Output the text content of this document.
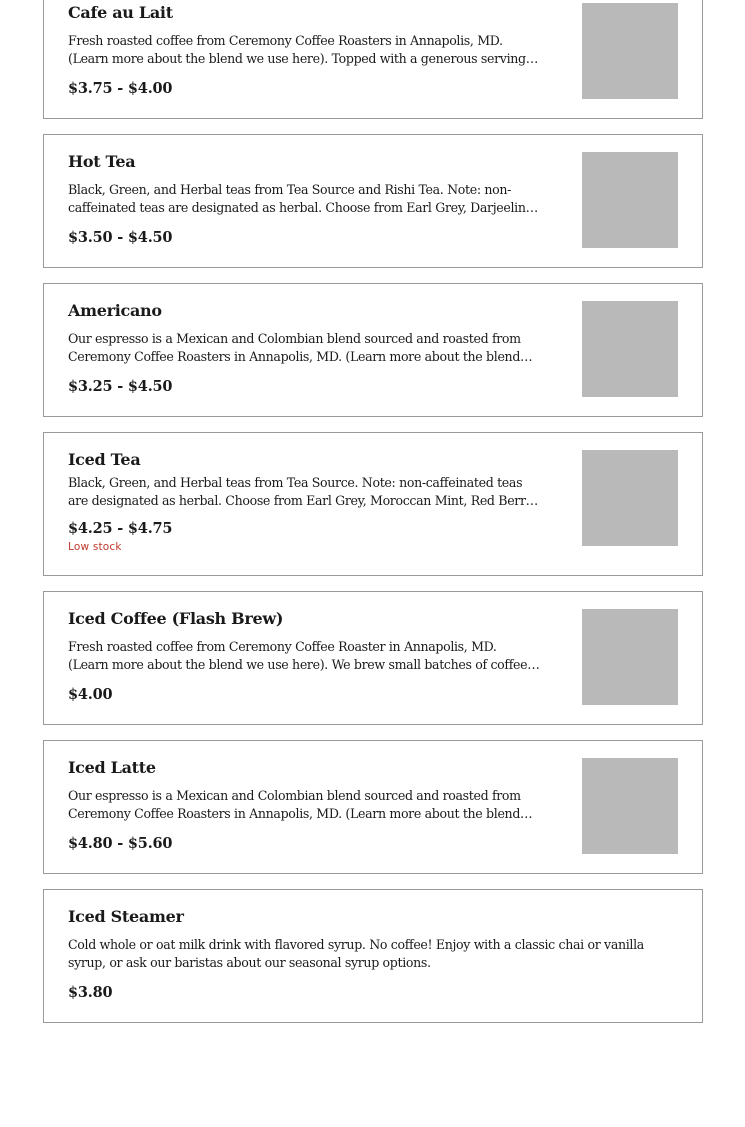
Cafe au Lait

Fresh roasted coffee from Ceremony Coffee Roasters in Annapolis, MD. (Learn more about the blend we use here). Topped with a generous serving

$3.75 - $4.00
Hot Tea

Black, Green, and Herbal teas from Tea Source and Rishi Tea. Note: non-caffeinated teas are designated as herbal. Choose from Earl Grey, Darjeeling,

$3.50 - $4.50
Americano

Our espresso is a Mexican and Colombian blend sourced and roasted from Ceremony Coffee Roasters in Annapolis, MD. (Learn more about the blend

$3.25 - $4.50
Iced Tea

Black, Green, and Herbal teas from Tea Source. Note: non-caffeinated teas are designated as herbal. Choose from Earl Grey, Moroccan Mint, Red Berry,

$4.25 - $4.75
Low stock
Iced Coffee (Flash Brew)

Fresh roasted coffee from Ceremony Coffee Roaster in Annapolis, MD. (Learn more about the blend we use here). We brew small batches of coffee

$4.00
Iced Latte

Our espresso is a Mexican and Colombian blend sourced and roasted from Ceremony Coffee Roasters in Annapolis, MD. (Learn more about the blend

$4.80 - $5.60
Iced Steamer

Cold whole or oat milk drink with flavored syrup. No coffee! Enjoy with a classic chai or vanilla syrup, or ask our baristas about our seasonal syrup options.

$3.80
